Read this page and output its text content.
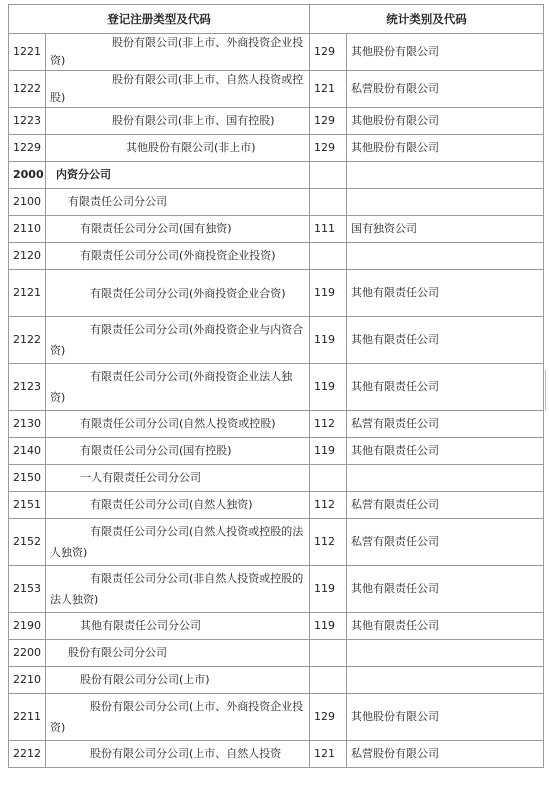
登记注册类型及代码		统计类别及代码	
1221	股份有限公司(非上市、外商投资企业投资)	129	其他股份有限公司
1222	股份有限公司(非上市、自然人投资或控股)	121	私营股份有限公司
1223	股份有限公司(非上市、国有控股)	129	其他股份有限公司
1229	其他股份有限公司(非上市)	129	其他股份有限公司
2000	内资分公司		
2100	有限责任公司分公司		
2110	有限责任公司分公司(国有独资)	111	国有独资公司
2120	有限责任公司分公司(外商投资企业投资)		
2121	有限责任公司分公司(外商投资企业合资)	119	其他有限责任公司
2122	有限责任公司分公司(外商投资企业与内资合资)	119	其他有限责任公司
2123	有限责任公司分公司(外商投资企业法人独资)	119	其他有限责任公司
2130	有限责任公司分公司(自然人投资或控股)	112	私营有限责任公司
2140	有限责任公司分公司(国有控股)	119	其他有限责任公司
2150	一人有限责任公司分公司		
2151	有限责任公司分公司(自然人独资)	112	私营有限责任公司
2152	有限责任公司分公司(自然人投资或控股的法人独资)	112	私营有限责任公司
2153	有限责任公司分公司(非自然人投资或控股的法人独资)	119	其他有限责任公司
2190	其他有限责任公司分公司	119	其他有限责任公司
2200	股份有限公司分公司		
2210	股份有限公司分公司(上市)		
2211	股份有限公司分公司(上市、外商投资企业投资)	129	其他股份有限公司
2212	股份有限公司分公司(上市、自然人投资	121	私营股份有限公司
